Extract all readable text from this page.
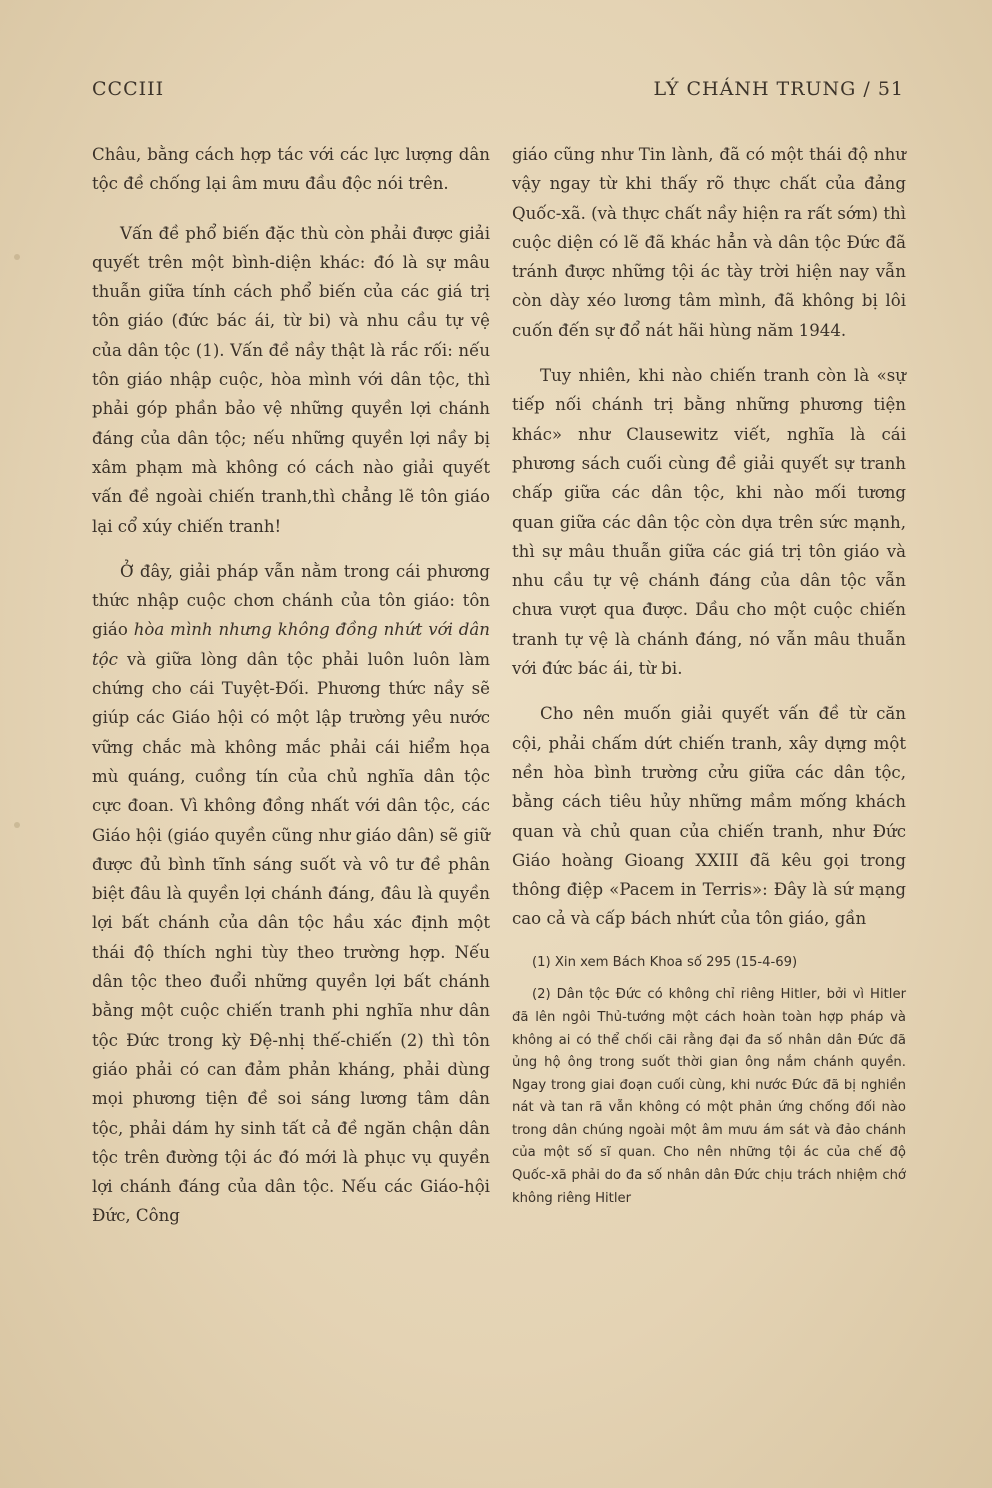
CCCIII	LÝ CHÁNH TRUNG / 51

Châu, bằng cách hợp tác với các lực lượng dân tộc đề chống lại âm mưu đầu độc nói trên.

Vấn đề phổ biến đặc thù còn phải được giải quyết trên một bình-diện khác: đó là sự mâu thuẫn giữa tính cách phổ biến của các giá trị tôn giáo (đức bác ái, từ bi) và nhu cầu tự vệ của dân tộc (1). Vấn đề nầy thật là rắc rối: nếu tôn giáo nhập cuộc, hòa mình với dân tộc, thì phải góp phần bảo vệ những quyền lợi chánh đáng của dân tộc; nếu những quyền lợi nầy bị xâm phạm mà không có cách nào giải quyết vấn đề ngoài chiến tranh,thì chẳng lẽ tôn giáo lại cổ xúy chiến tranh!

Ở đây, giải pháp vẫn nằm trong cái phương thức nhập cuộc chơn chánh của tôn giáo: tôn giáo hòa mình nhưng không đồng nhứt với dân tộc và giữa lòng dân tộc phải luôn luôn làm chứng cho cái Tuyệt-Đối. Phương thức nầy sẽ giúp các Giáo hội có một lập trường yêu nước vững chắc mà không mắc phải cái hiểm họa mù quáng, cuồng tín của chủ nghĩa dân tộc cực đoan. Vì không đồng nhất với dân tộc, các Giáo hội (giáo quyền cũng như giáo dân) sẽ giữ được đủ bình tĩnh sáng suốt và vô tư đề phân biệt đâu là quyền lợi chánh đáng, đâu là quyền lợi bất chánh của dân tộc hầu xác định một thái độ thích nghi tùy theo trường hợp. Nếu dân tộc theo đuổi những quyền lợi bất chánh bằng một cuộc chiến tranh phi nghĩa như dân tộc Đức trong kỳ Đệ-nhị thế-chiến (2) thì tôn giáo phải có can đảm phản kháng, phải dùng mọi phương tiện đề soi sáng lương tâm dân tộc, phải dám hy sinh tất cả đề ngăn chận dân tộc trên đường tội ác đó mới là phục vụ quyền lợi chánh đáng của dân tộc. Nếu các Giáo-hội Đức, Công

giáo cũng như Tin lành, đã có một thái độ như vậy ngay từ khi thấy rõ thực chất của đảng Quốc-xã. (và thực chất nầy hiện ra rất sớm) thì cuộc diện có lẽ đã khác hẳn và dân tộc Đức đã tránh được những tội ác tày trời hiện nay vẫn còn dày xéo lương tâm mình, đã không bị lôi cuốn đến sự đổ nát hãi hùng năm 1944.

Tuy nhiên, khi nào chiến tranh còn là «sự tiếp nối chánh trị bằng những phương tiện khác» như Clausewitz viết, nghĩa là cái phương sách cuối cùng đề giải quyết sự tranh chấp giữa các dân tộc, khi nào mối tương quan giữa các dân tộc còn dựa trên sức mạnh, thì sự mâu thuẫn giữa các giá trị tôn giáo và nhu cầu tự vệ chánh đáng của dân tộc vẫn chưa vượt qua được. Dầu cho một cuộc chiến tranh tự vệ là chánh đáng, nó vẫn mâu thuẫn với đức bác ái, từ bi.

Cho nên muốn giải quyết vấn đề từ căn cội, phải chấm dứt chiến tranh, xây dựng một nền hòa bình trường cửu giữa các dân tộc, bằng cách tiêu hủy những mầm mống khách quan và chủ quan của chiến tranh, như Đức Giáo hoàng Gioang XXIII đã kêu gọi trong thông điệp «Pacem in Terris»: Đây là sứ mạng cao cả và cấp bách nhứt của tôn giáo, gần

(1) Xin xem Bách Khoa số 295 (15-4-69)

(2) Dân tộc Đức có không chỉ riêng Hitler, bởi vì Hitler đã lên ngôi Thủ-tướng một cách hoàn toàn hợp pháp và không ai có thể chối cãi rằng đại đa số nhân dân Đức đã ủng hộ ông trong suốt thời gian ông nắm chánh quyền. Ngay trong giai đoạn cuối cùng, khi nước Đức đã bị nghiền nát và tan rã vẫn không có một phản ứng chống đối nào trong dân chúng ngoài một âm mưu ám sát và đảo chánh của một số sĩ quan. Cho nên những tội ác của chế độ Quốc-xã phải do đa số nhân dân Đức chịu trách nhiệm chớ không riêng Hitler
